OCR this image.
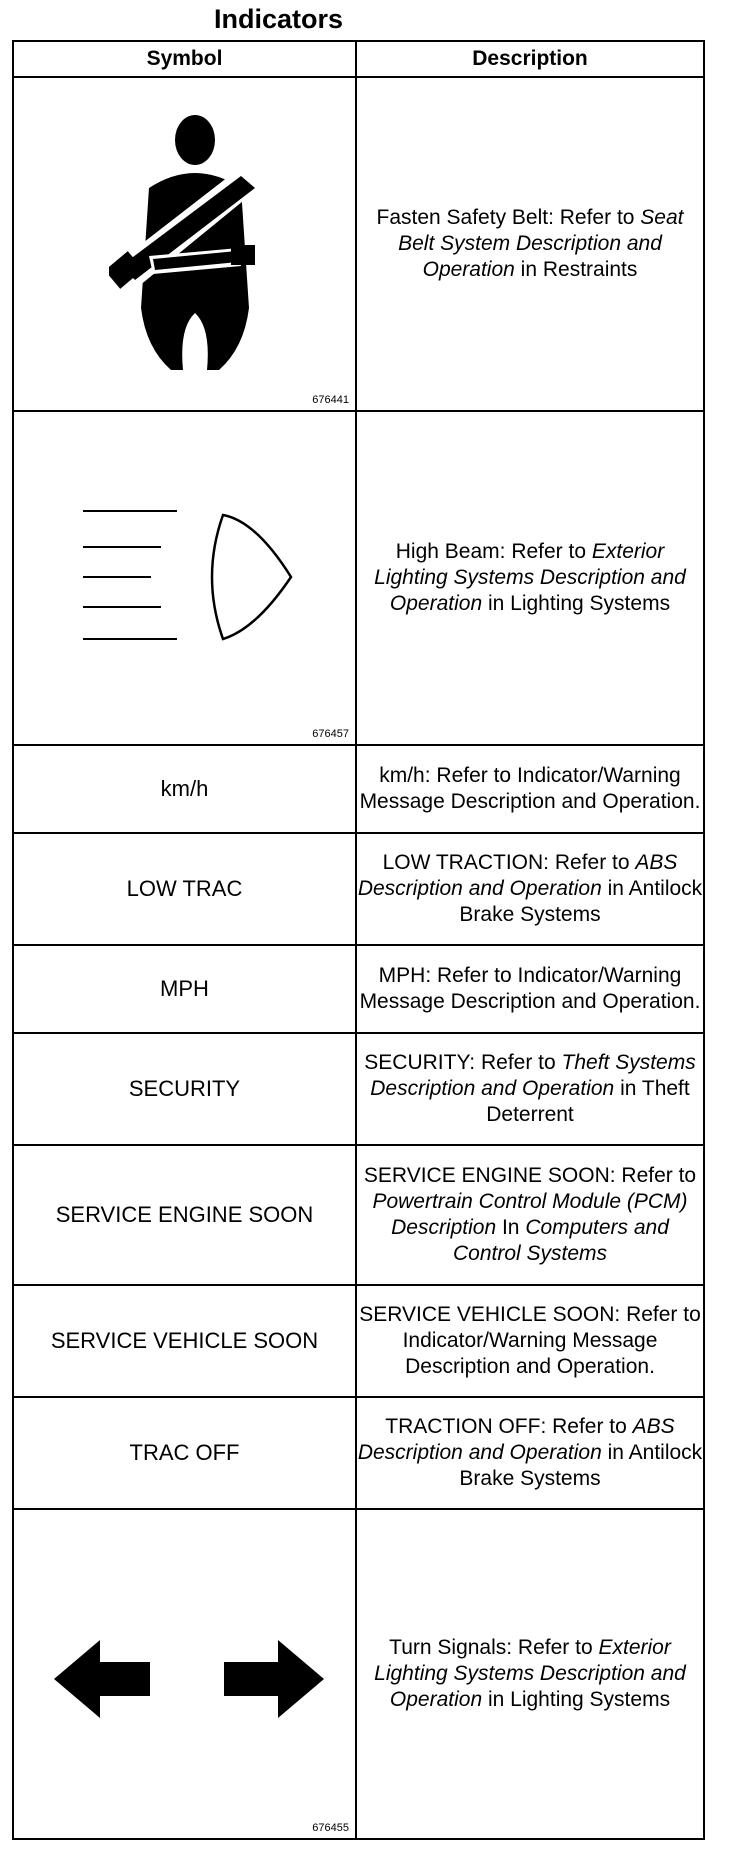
Indicators
Symbol	Description

676441	Fasten Safety Belt: Refer to Seat Belt System Description and Operation in Restraints

676457	High Beam: Refer to Exterior Lighting Systems Description and Operation in Lighting Systems
km/h	km/h: Refer to Indicator/Warning Message Description and Operation.
LOW TRAC	LOW TRACTION: Refer to ABS Description and Operation in Antilock Brake Systems
MPH	MPH: Refer to Indicator/Warning Message Description and Operation.
SECURITY	SECURITY: Refer to Theft Systems Description and Operation in Theft Deterrent
SERVICE ENGINE SOON	SERVICE ENGINE SOON: Refer to Powertrain Control Module (PCM) Description In Computers and Control Systems
SERVICE VEHICLE SOON	SERVICE VEHICLE SOON: Refer to Indicator/Warning Message Description and Operation.
TRAC OFF	TRACTION OFF: Refer to ABS Description and Operation in Antilock Brake Systems

676455	Turn Signals: Refer to Exterior Lighting Systems Description and Operation in Lighting Systems
